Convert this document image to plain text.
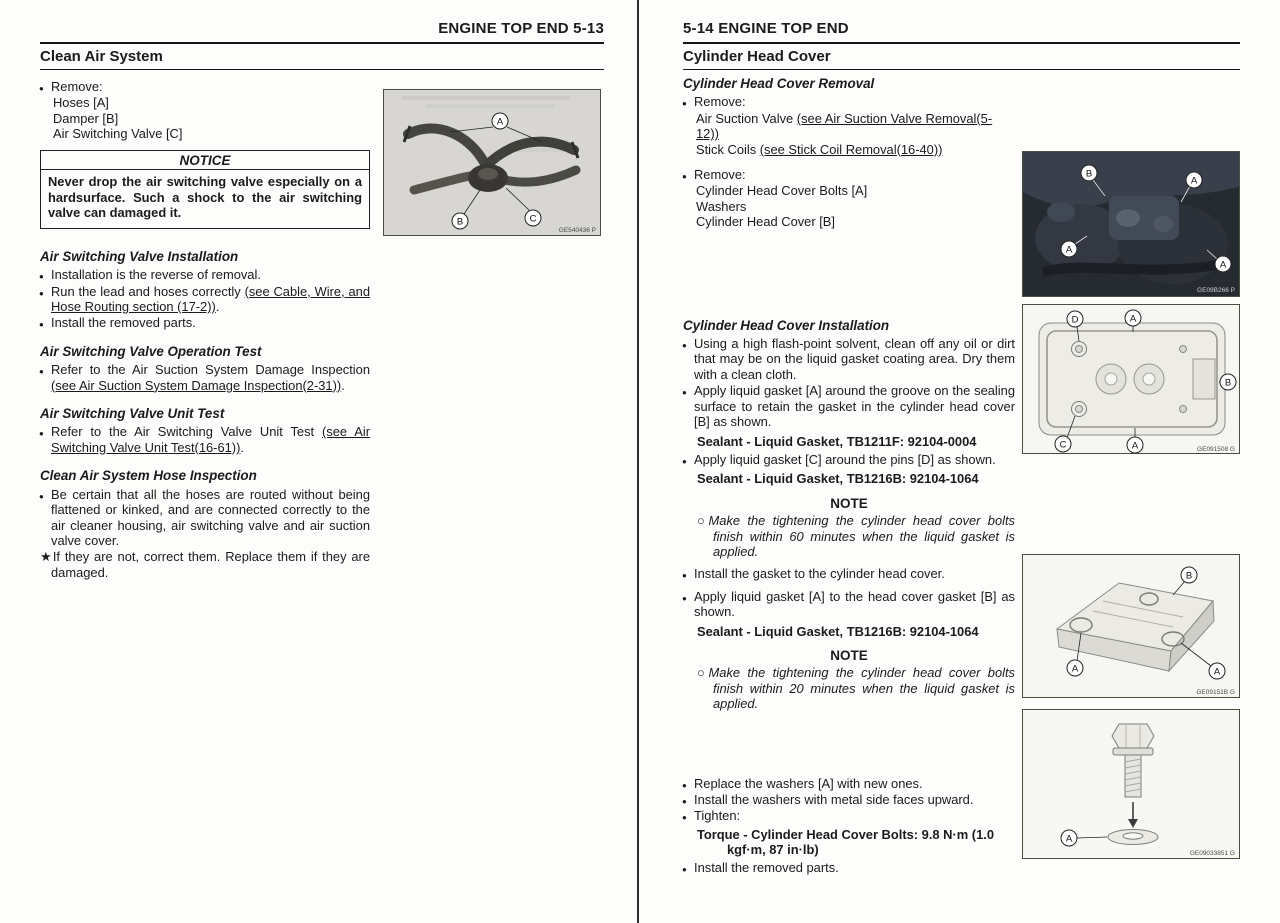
ENGINE TOP END 5-13
Clean Air System
● Remove:
Hoses [A]
Damper [B]
Air Switching Valve [C]
NOTICE
Never drop the air switching valve especially on a hardsurface. Such a shock to the air switching valve can damaged it.
Air Switching Valve Installation
● Installation is the reverse of removal.
● Run the lead and hoses correctly (see Cable, Wire, and Hose Routing section (17-2)).
● Install the removed parts.
Air Switching Valve Operation Test
● Refer to the Air Suction System Damage Inspection (see Air Suction System Damage Inspection(2-31)).
Air Switching Valve Unit Test
● Refer to the Air Switching Valve Unit Test (see Air Switching Valve Unit Test(16-61)).
Clean Air System Hose Inspection
● Be certain that all the hoses are routed without being flattened or kinked, and are connected correctly to the air cleaner housing, air switching valve and air suction valve cover.
★If they are not, correct them. Replace them if they are damaged.
A
B	C
GE540436 P
5-14 ENGINE TOP END
Cylinder Head Cover
Cylinder Head Cover Removal
● Remove:
Air Suction Valve (see Air Suction Valve Removal(5-12))
Stick Coils (see Stick Coil Removal(16-40))
● Remove:
Cylinder Head Cover Bolts [A]
Washers
Cylinder Head Cover [B]
Cylinder Head Cover Installation
● Using a high flash-point solvent, clean off any oil or dirt that may be on the liquid gasket coating area. Dry them with a clean cloth.
● Apply liquid gasket [A] around the groove on the sealing surface to retain the gasket in the cylinder head cover [B] as shown.
Sealant - Liquid Gasket, TB1211F: 92104-0004
● Apply liquid gasket [C] around the pins [D] as shown.
Sealant - Liquid Gasket, TB1216B: 92104-1064
NOTE
○Make the tightening the cylinder head cover bolts finish within 60 minutes when the liquid gasket is applied.
● Install the gasket to the cylinder head cover.
● Apply liquid gasket [A] to the head cover gasket [B] as shown.
Sealant - Liquid Gasket, TB1216B: 92104-1064
NOTE
○Make the tightening the cylinder head cover bolts finish within 20 minutes when the liquid gasket is applied.
● Replace the washers [A] with new ones.
● Install the washers with metal side faces upward.
● Tighten:
Torque - Cylinder Head Cover Bolts: 9.8 N·m (1.0 kgf·m, 87 in·lb)
● Install the removed parts.
B
A
A
A
GE09B266 P
D	A
B
C	A	GE091508 G
B
A	A
GE09151B G
A
GE09033851 G
